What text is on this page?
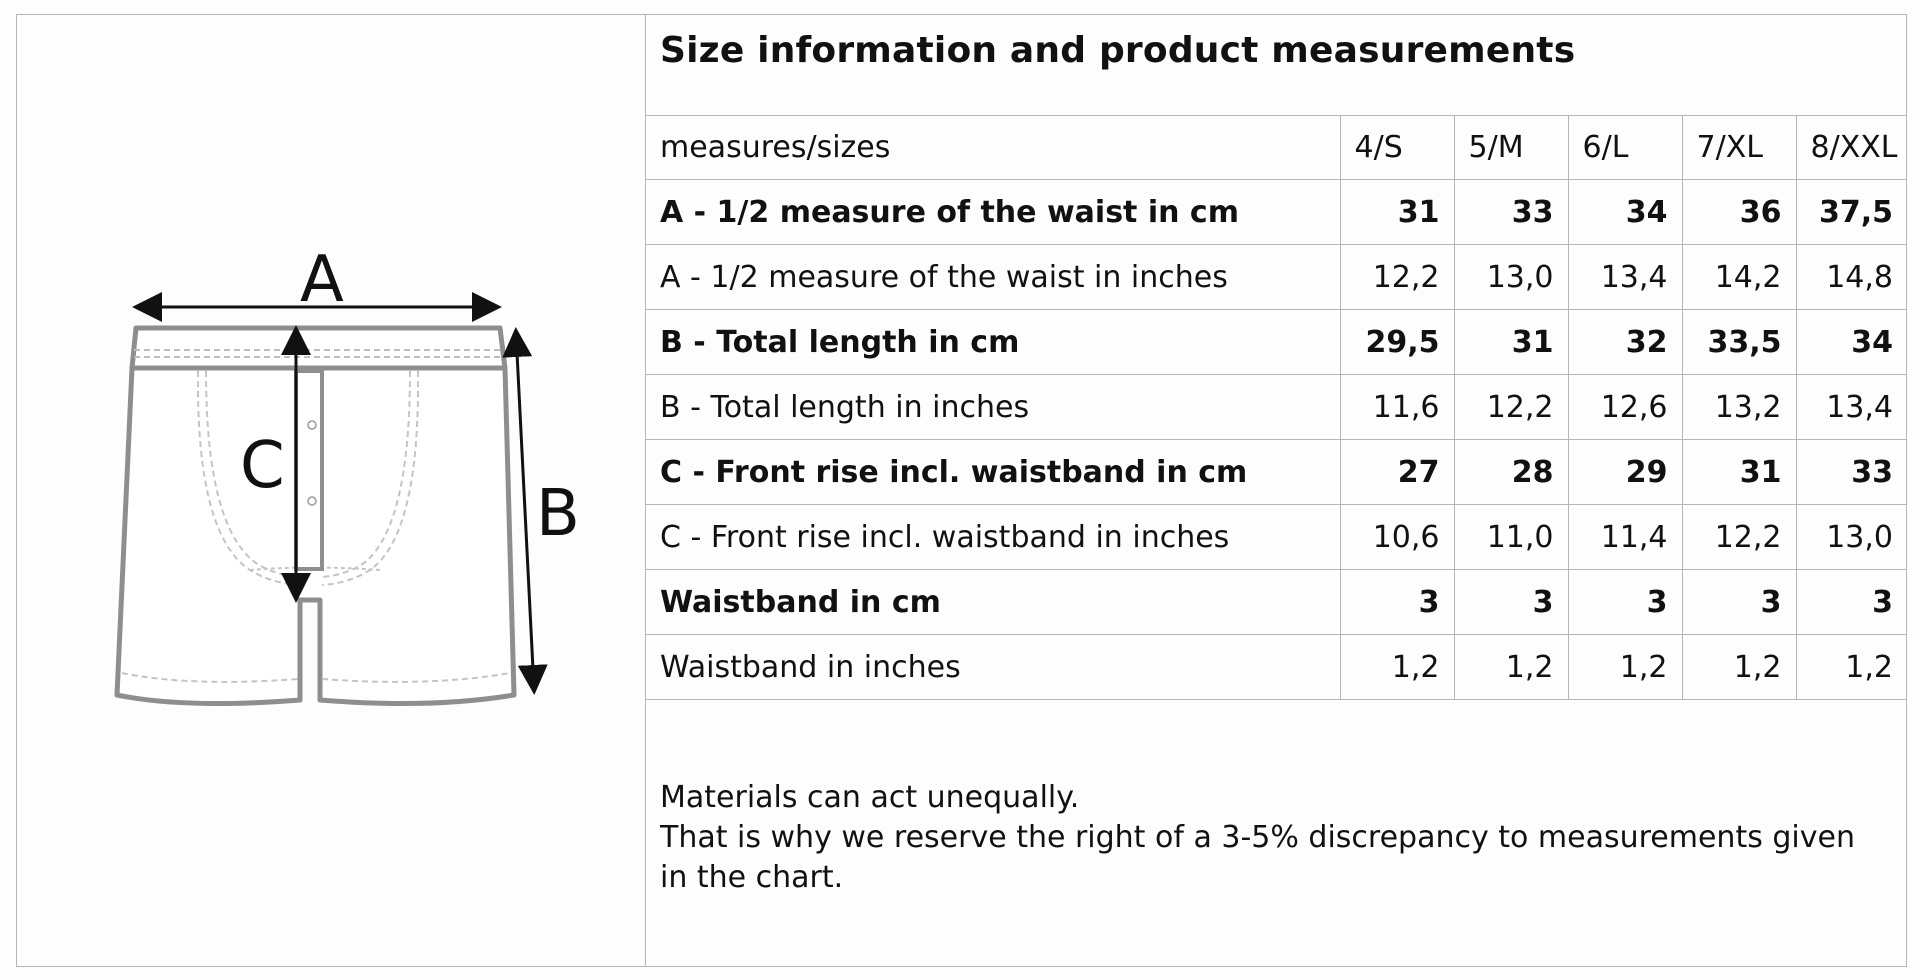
A
B
C
Size information and product measurements
measures/sizes	4/S	5/M	6/L	7/XL	8/XXL
A - 1/2 measure of the waist in cm	31	33	34	36	37,5
A - 1/2 measure of the waist in inches	12,2	13,0	13,4	14,2	14,8
B - Total length in cm	29,5	31	32	33,5	34
B - Total length in inches	11,6	12,2	12,6	13,2	13,4
C - Front rise incl. waistband in cm	27	28	29	31	33
C - Front rise incl. waistband in inches	10,6	11,0	11,4	12,2	13,0
Waistband in cm	3	3	3	3	3
Waistband in inches	1,2	1,2	1,2	1,2	1,2

Materials can act unequally.

That is why we reserve the right of a 3-5% discrepancy to measurements given in the chart.
